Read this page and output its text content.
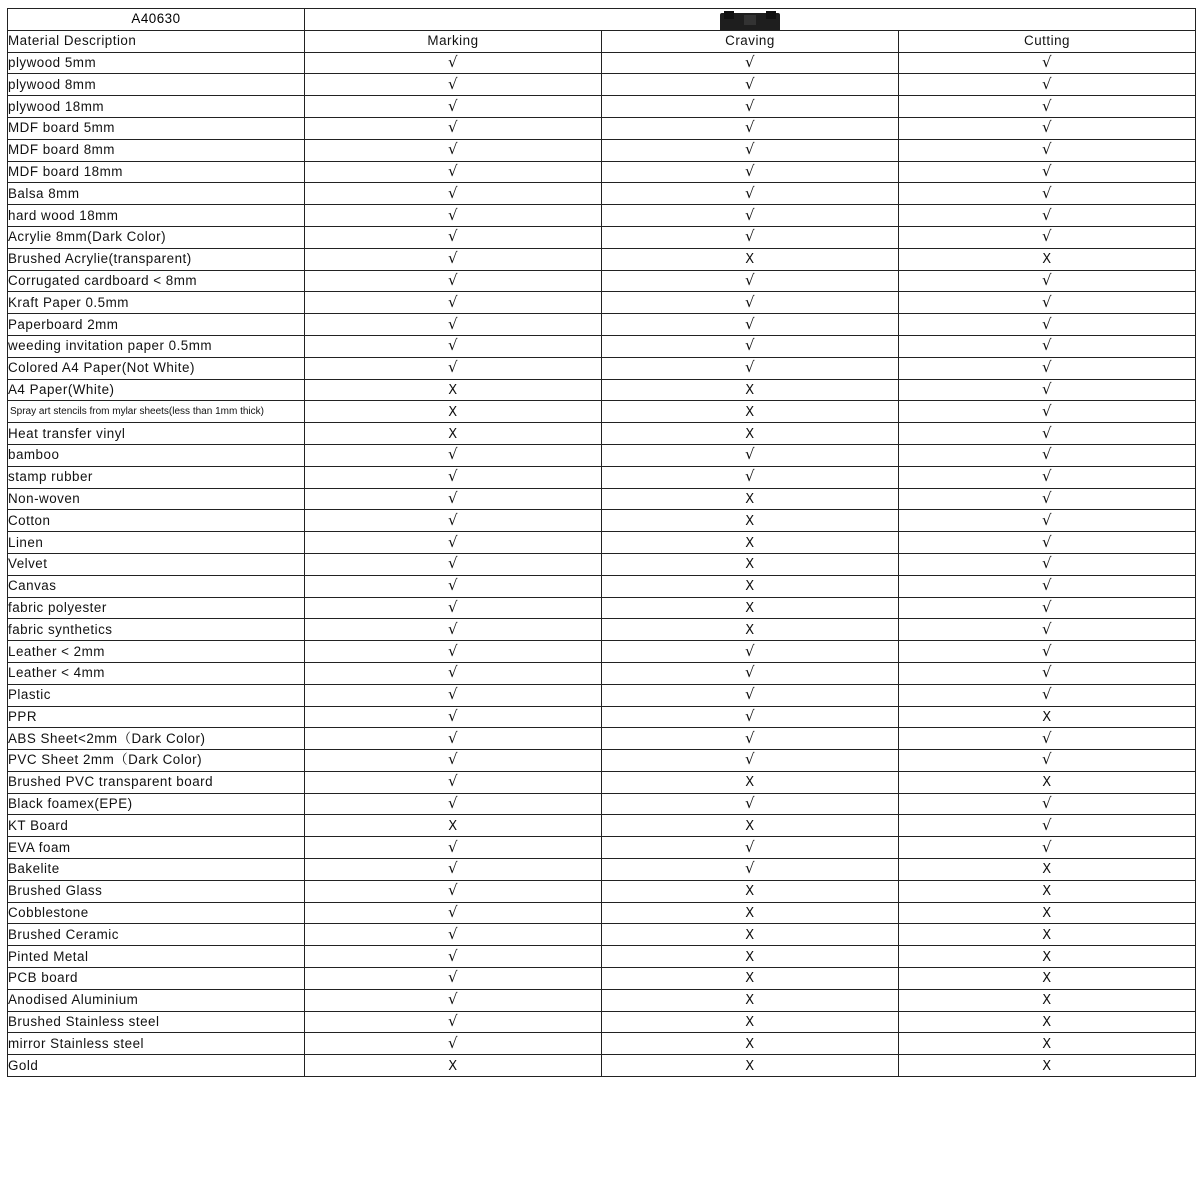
A40630	

Material Description	Marking	Craving	Cutting
plywood 5mm	√	√	√
plywood 8mm	√	√	√
plywood 18mm	√	√	√
MDF board 5mm	√	√	√
MDF board 8mm	√	√	√
MDF board 18mm	√	√	√
Balsa 8mm	√	√	√
hard wood 18mm	√	√	√
Acrylie 8mm(Dark Color)	√	√	√
Brushed Acrylie(transparent)	√	X	X
Corrugated cardboard < 8mm	√	√	√
Kraft Paper 0.5mm	√	√	√
Paperboard 2mm	√	√	√
weeding invitation paper 0.5mm	√	√	√
Colored A4 Paper(Not White)	√	√	√
A4 Paper(White)	X	X	√
Spray art stencils from mylar sheets(less than 1mm thick)	X	X	√
Heat transfer vinyl	X	X	√
bamboo	√	√	√
stamp rubber	√	√	√
Non-woven	√	X	√
Cotton	√	X	√
Linen	√	X	√
Velvet	√	X	√
Canvas	√	X	√
fabric polyester	√	X	√
fabric synthetics	√	X	√
Leather < 2mm	√	√	√
Leather < 4mm	√	√	√
Plastic	√	√	√
PPR	√	√	X
ABS Sheet<2mm（Dark Color)	√	√	√
PVC Sheet 2mm（Dark Color)	√	√	√
Brushed PVC transparent board	√	X	X
Black foamex(EPE)	√	√	√
KT Board	X	X	√
EVA foam	√	√	√
Bakelite	√	√	X
Brushed Glass	√	X	X
Cobblestone	√	X	X
Brushed Ceramic	√	X	X
Pinted Metal	√	X	X
PCB board	√	X	X
Anodised Aluminium	√	X	X
Brushed Stainless steel	√	X	X
mirror Stainless steel	√	X	X
Gold	X	X	X
